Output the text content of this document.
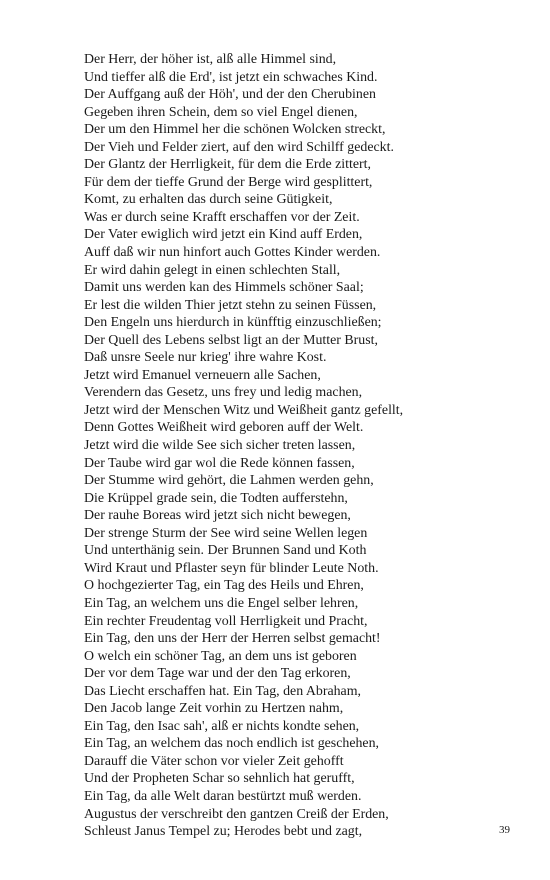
Der Herr, der höher ist, alß alle Himmel sind,
Und tieffer alß die Erd', ist jetzt ein schwaches Kind.
Der Auffgang auß der Höh', und der den Cherubinen
Gegeben ihren Schein, dem so viel Engel dienen,
Der um den Himmel her die schönen Wolcken streckt,
Der Vieh und Felder ziert, auf den wird Schilff gedeckt.
Der Glantz der Herrligkeit, für dem die Erde zittert,
Für dem der tieffe Grund der Berge wird gesplittert,
Komt, zu erhalten das durch seine Gütigkeit,
Was er durch seine Krafft erschaffen vor der Zeit.
Der Vater ewiglich wird jetzt ein Kind auff Erden,
Auff daß wir nun hinfort auch Gottes Kinder werden.
Er wird dahin gelegt in einen schlechten Stall,
Damit uns werden kan des Himmels schöner Saal;
Er lest die wilden Thier jetzt stehn zu seinen Füssen,
Den Engeln uns hierdurch in künfftig einzuschließen;
Der Quell des Lebens selbst ligt an der Mutter Brust,
Daß unsre Seele nur krieg' ihre wahre Kost.
Jetzt wird Emanuel verneuern alle Sachen,
Verendern das Gesetz, uns frey und ledig machen,
Jetzt wird der Menschen Witz und Weißheit gantz gefellt,
Denn Gottes Weißheit wird geboren auff der Welt.
Jetzt wird die wilde See sich sicher treten lassen,
Der Taube wird gar wol die Rede können fassen,
Der Stumme wird gehört, die Lahmen werden gehn,
Die Krüppel grade sein, die Todten aufferstehn,
Der rauhe Boreas wird jetzt sich nicht bewegen,
Der strenge Sturm der See wird seine Wellen legen
Und unterthänig sein. Der Brunnen Sand und Koth
Wird Kraut und Pflaster seyn für blinder Leute Noth.
O hochgezierter Tag, ein Tag des Heils und Ehren,
Ein Tag, an welchem uns die Engel selber lehren,
Ein rechter Freudentag voll Herrligkeit und Pracht,
Ein Tag, den uns der Herr der Herren selbst gemacht!
O welch ein schöner Tag, an dem uns ist geboren
Der vor dem Tage war und der den Tag erkoren,
Das Liecht erschaffen hat. Ein Tag, den Abraham,
Den Jacob lange Zeit vorhin zu Hertzen nahm,
Ein Tag, den Isac sah', alß er nichts kondte sehen,
Ein Tag, an welchem das noch endlich ist geschehen,
Darauff die Väter schon vor vieler Zeit gehofft
Und der Propheten Schar so sehnlich hat gerufft,
Ein Tag, da alle Welt daran bestürtzt muß werden.
Augustus der verschreibt den gantzen Creiß der Erden,
Schleust Janus Tempel zu; Herodes bebt und zagt,	39
